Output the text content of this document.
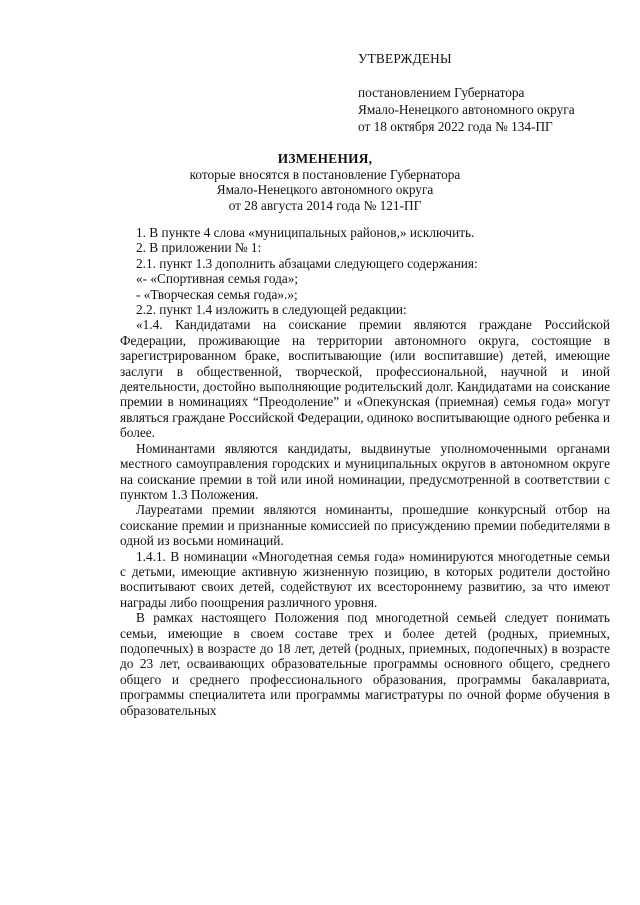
УТВЕРЖДЕНЫ
постановлением Губернатора
Ямало-Ненецкого автономного округа
от 18 октября 2022 года № 134-ПГ
ИЗМЕНЕНИЯ,
которые вносятся в постановление Губернатора
Ямало-Ненецкого автономного округа
от 28 августа 2014 года № 121-ПГ

1. В пункте 4 слова «муниципальных районов,» исключить.

2. В приложении № 1:

2.1. пункт 1.3 дополнить абзацами следующего содержания:

«- «Спортивная семья года»;

- «Творческая семья года».»;

2.2. пункт 1.4 изложить в следующей редакции:

«1.4. Кандидатами на соискание премии являются граждане Российской Федерации, проживающие на территории автономного округа, состоящие в зарегистрированном браке, воспитывающие (или воспитавшие) детей, имеющие заслуги в общественной, творческой, профессиональной, научной и иной деятельности, достойно выполняющие родительский долг. Кандидатами на соискание премии в номинациях “Преодоление” и «Опекунская (приемная) семья года» могут являться граждане Российской Федерации, одиноко воспитывающие одного ребенка и более.

Номинантами являются кандидаты, выдвинутые уполномоченными органами местного самоуправления городских и муниципальных округов в автономном округе на соискание премии в той или иной номинации, предусмотренной в соответствии с пунктом 1.3 Положения.

Лауреатами премии являются номинанты, прошедшие конкурсный отбор на соискание премии и признанные комиссией по присуждению премии победителями в одной из восьми номинаций.

1.4.1. В номинации «Многодетная семья года» номинируются многодетные семьи с детьми, имеющие активную жизненную позицию, в которых родители достойно воспитывают своих детей, содействуют их всестороннему развитию, за что имеют награды либо поощрения различного уровня.

В рамках настоящего Положения под многодетной семьей следует понимать семьи, имеющие в своем составе трех и более детей (родных, приемных, подопечных) в возрасте до 18 лет, детей (родных, приемных, подопечных) в возрасте до 23 лет, осваивающих образовательные программы основного общего, среднего общего и среднего профессионального образования, программы бакалавриата, программы специалитета или программы магистратуры по очной форме обучения в образовательных
